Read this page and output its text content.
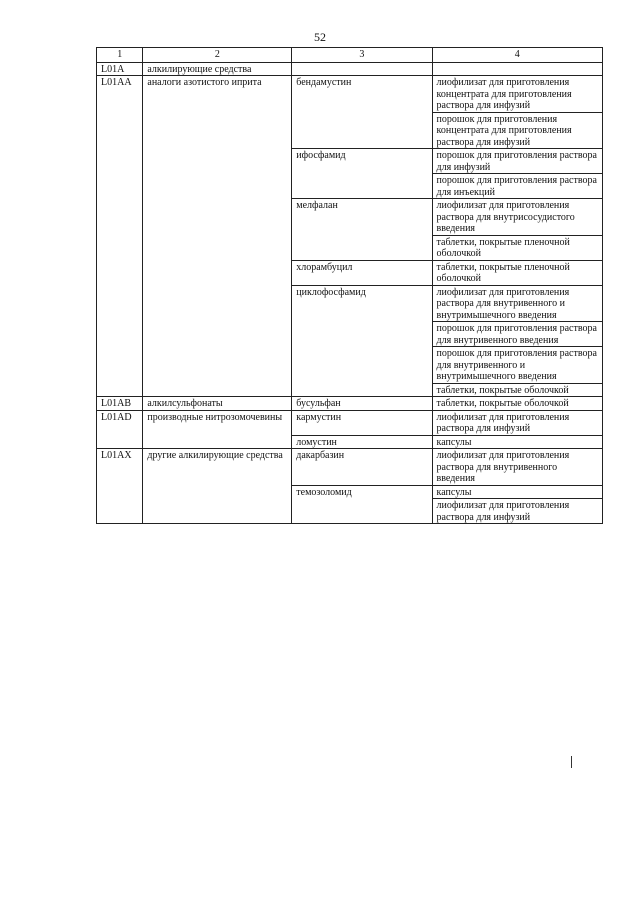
52
1	2	3	4
L01A	алкилирующие средства		
L01AA	аналоги азотистого иприта	бендамустин	лиофилизат для приготовления концентрата для приготовления раствора для инфузий
			порошок для приготовления концентрата для приготовления раствора для инфузий
		ифосфамид	порошок для приготовления раствора для инфузий
			порошок для приготовления раствора для инъекций
		мелфалан	лиофилизат для приготовления раствора для внутрисосудистого введения
			таблетки, покрытые пленочной оболочкой
		хлорамбуцил	таблетки, покрытые пленочной оболочкой
		циклофосфамид	лиофилизат для приготовления раствора для внутривенного и внутримышечного введения
			порошок для приготовления раствора для внутривенного введения
			порошок для приготовления раствора для внутривенного и внутримышечного введения
			таблетки, покрытые оболочкой
L01AB	алкилсульфонаты	бусульфан	таблетки, покрытые оболочкой
L01AD	производные нитрозомочевины	кармустин	лиофилизат для приготовления раствора для инфузий
		ломустин	капсулы
L01AX	другие алкилирующие средства	дакарбазин	лиофилизат для приготовления раствора для внутривенного введения
		темозоломид	капсулы
			лиофилизат для приготовления раствора для инфузий
